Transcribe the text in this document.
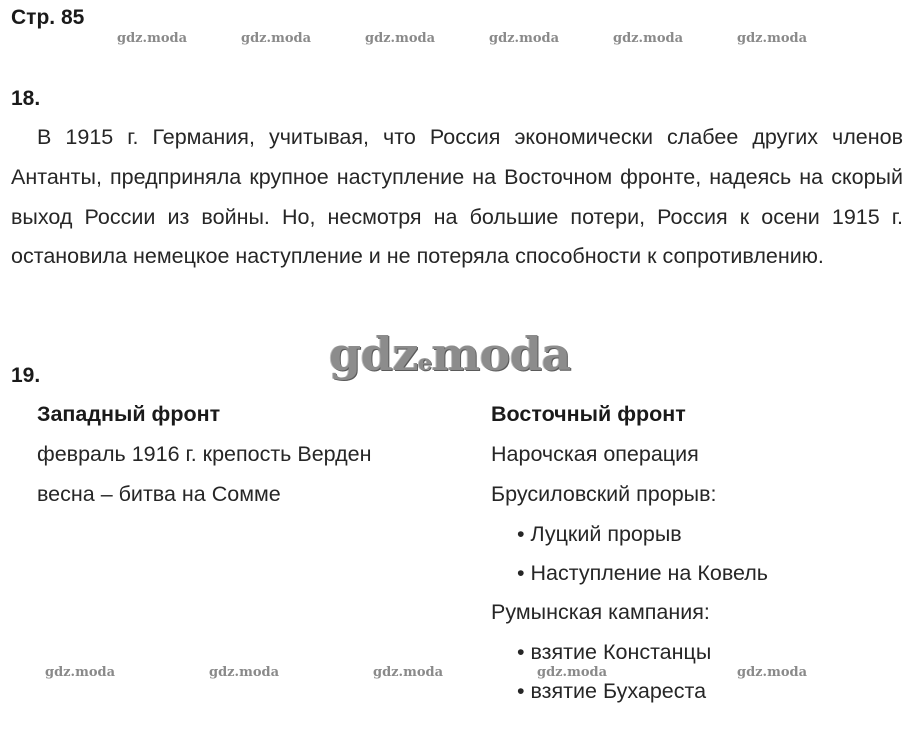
Стр. 85
gdz.moda	gdz.moda	gdz.moda	gdz.moda	gdz.moda	gdz.moda
18.

В 1915 г. Германия, учитывая, что Россия экономически слабее других членов Антанты, предприняла крупное наступление на Восточном фронте, надеясь на скорый выход России из войны. Но, несмотря на большие потери, Россия к осени 1915 г. остановила немецкое наступление и не потеряла способности к сопротивлению.

gdzemoda
19.
Западный фронт
февраль 1916 г. крепость Верден
весна – битва на Сомме
Восточный фронт
Нарочская операция
Брусиловский прорыв:
• Луцкий прорыв
• Наступление на Ковель
Румынская кампания:
• взятие Констанцы
• взятие Бухареста
gdz.moda	gdz.moda	gdz.moda	gdz.moda	gdz.moda
